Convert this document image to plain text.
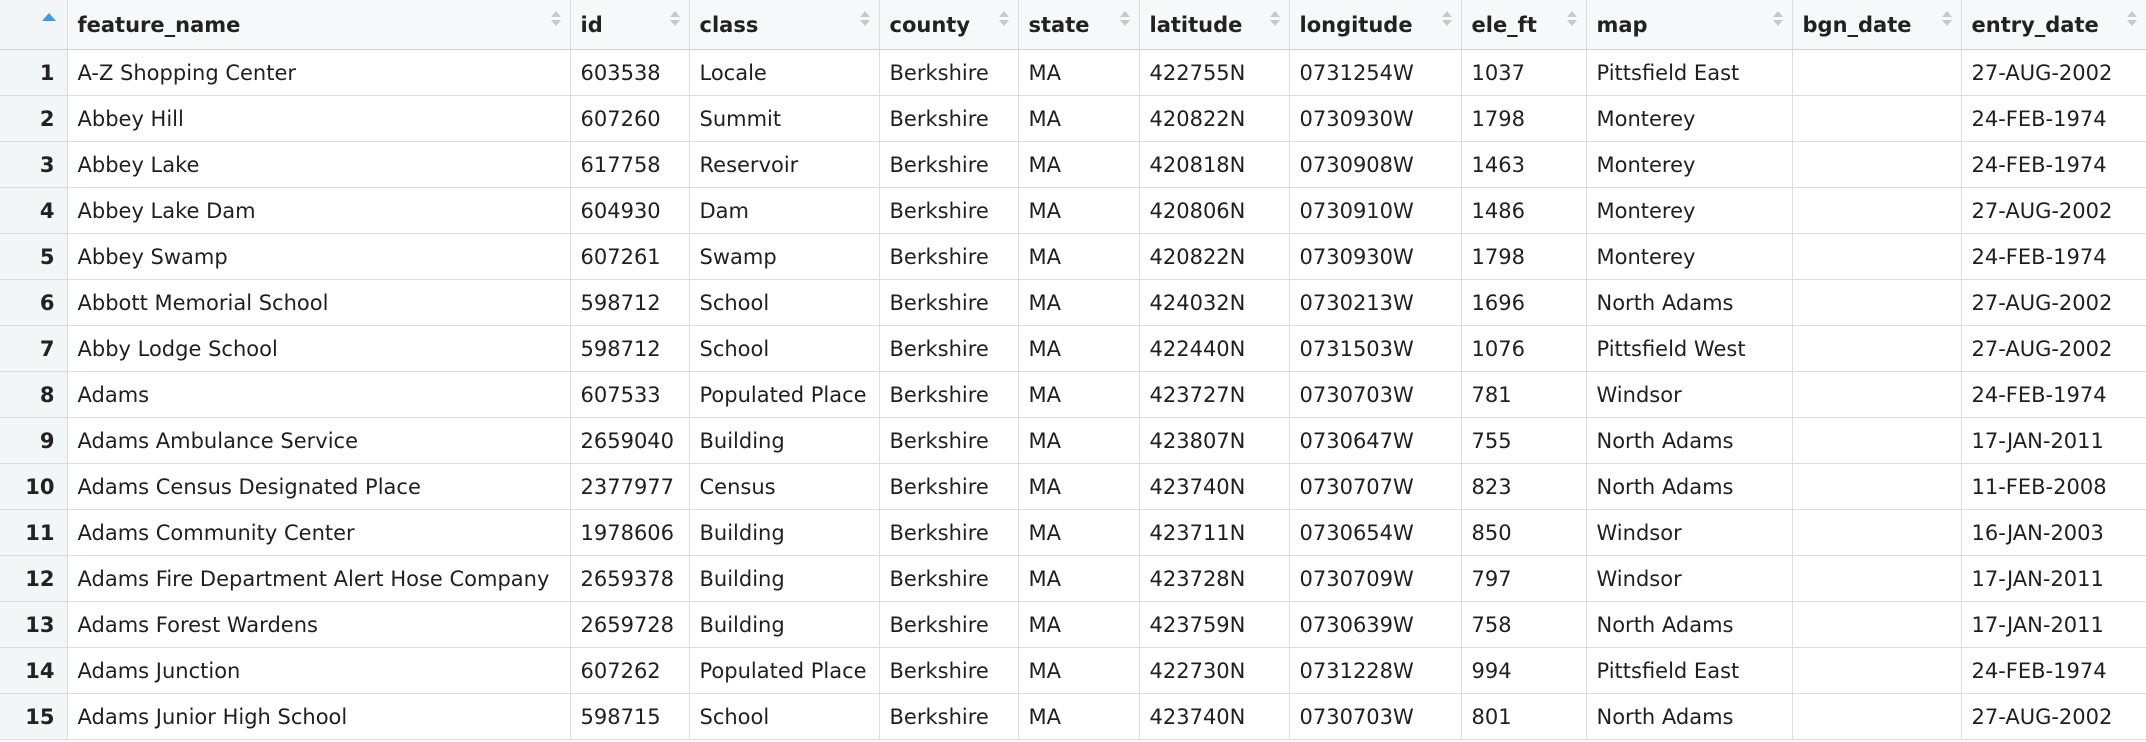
	feature_name	id	class	county	state	latitude	longitude	ele_ft	map	bgn_date	entry_date

1	A-Z Shopping Center	603538	Locale	Berkshire	MA	422755N	0731254W	1037	Pittsfield East		27-AUG-2002
2	Abbey Hill	607260	Summit	Berkshire	MA	420822N	0730930W	1798	Monterey		24-FEB-1974
3	Abbey Lake	617758	Reservoir	Berkshire	MA	420818N	0730908W	1463	Monterey		24-FEB-1974
4	Abbey Lake Dam	604930	Dam	Berkshire	MA	420806N	0730910W	1486	Monterey		27-AUG-2002
5	Abbey Swamp	607261	Swamp	Berkshire	MA	420822N	0730930W	1798	Monterey		24-FEB-1974
6	Abbott Memorial School	598712	School	Berkshire	MA	424032N	0730213W	1696	North Adams		27-AUG-2002
7	Abby Lodge School	598712	School	Berkshire	MA	422440N	0731503W	1076	Pittsfield West		27-AUG-2002
8	Adams	607533	Populated Place	Berkshire	MA	423727N	0730703W	781	Windsor		24-FEB-1974
9	Adams Ambulance Service	2659040	Building	Berkshire	MA	423807N	0730647W	755	North Adams		17-JAN-2011
10	Adams Census Designated Place	2377977	Census	Berkshire	MA	423740N	0730707W	823	North Adams		11-FEB-2008
11	Adams Community Center	1978606	Building	Berkshire	MA	423711N	0730654W	850	Windsor		16-JAN-2003
12	Adams Fire Department Alert Hose Company	2659378	Building	Berkshire	MA	423728N	0730709W	797	Windsor		17-JAN-2011
13	Adams Forest Wardens	2659728	Building	Berkshire	MA	423759N	0730639W	758	North Adams		17-JAN-2011
14	Adams Junction	607262	Populated Place	Berkshire	MA	422730N	0731228W	994	Pittsfield East		24-FEB-1974
15	Adams Junior High School	598715	School	Berkshire	MA	423740N	0730703W	801	North Adams		27-AUG-2002
